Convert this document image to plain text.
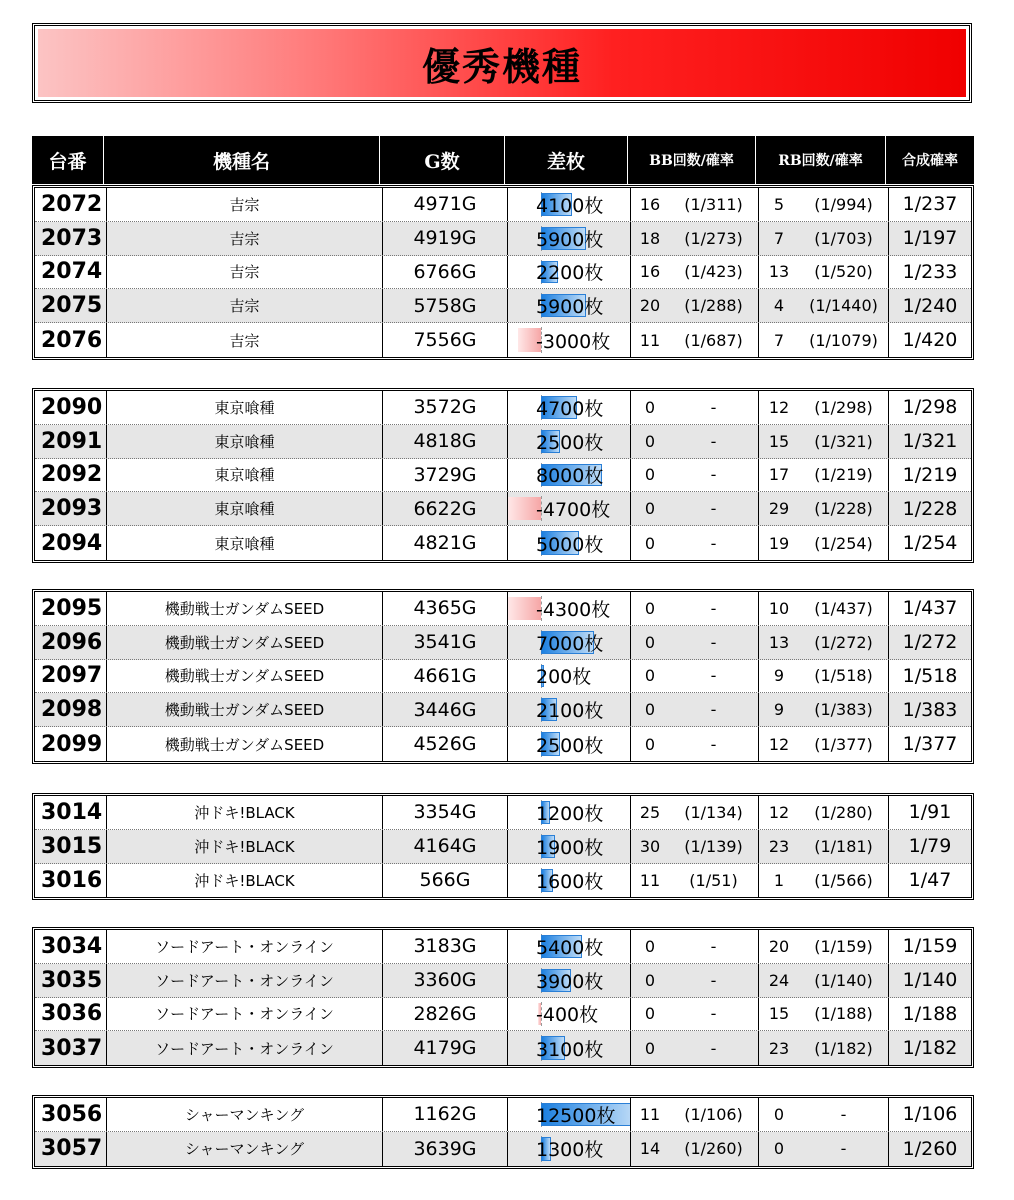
優秀機種
台番	機種名	G数	差枚	BB回数/確率	RB回数/確率	合成確率
2072	吉宗	4971G	4100枚	16	(1/311)	5	(1/994)	1/237
2073	吉宗	4919G	5900枚	18	(1/273)	7	(1/703)	1/197
2074	吉宗	6766G	2200枚	16	(1/423)	13	(1/520)	1/233
2075	吉宗	5758G	5900枚	20	(1/288)	4	(1/1440)	1/240
2076	吉宗	7556G	-3000枚	11	(1/687)	7	(1/1079)	1/420
2090	東京喰種	3572G	4700枚	0	-	12	(1/298)	1/298
2091	東京喰種	4818G	2500枚	0	-	15	(1/321)	1/321
2092	東京喰種	3729G	8000枚	0	-	17	(1/219)	1/219
2093	東京喰種	6622G	-4700枚	0	-	29	(1/228)	1/228
2094	東京喰種	4821G	5000枚	0	-	19	(1/254)	1/254
2095	機動戦士ガンダムSEED	4365G	-4300枚	0	-	10	(1/437)	1/437
2096	機動戦士ガンダムSEED	3541G	7000枚	0	-	13	(1/272)	1/272
2097	機動戦士ガンダムSEED	4661G	200枚	0	-	9	(1/518)	1/518
2098	機動戦士ガンダムSEED	3446G	2100枚	0	-	9	(1/383)	1/383
2099	機動戦士ガンダムSEED	4526G	2500枚	0	-	12	(1/377)	1/377
3014	沖ドキ!BLACK	3354G	1200枚	25	(1/134)	12	(1/280)	1/91
3015	沖ドキ!BLACK	4164G	1900枚	30	(1/139)	23	(1/181)	1/79
3016	沖ドキ!BLACK	566G	1600枚	11	(1/51)	1	(1/566)	1/47
3034	ソードアート・オンライン	3183G	5400枚	0	-	20	(1/159)	1/159
3035	ソードアート・オンライン	3360G	3900枚	0	-	24	(1/140)	1/140
3036	ソードアート・オンライン	2826G	-400枚	0	-	15	(1/188)	1/188
3037	ソードアート・オンライン	4179G	3100枚	0	-	23	(1/182)	1/182
3056	シャーマンキング	1162G	12500枚	11	(1/106)	0	-	1/106
3057	シャーマンキング	3639G	1300枚	14	(1/260)	0	-	1/260
